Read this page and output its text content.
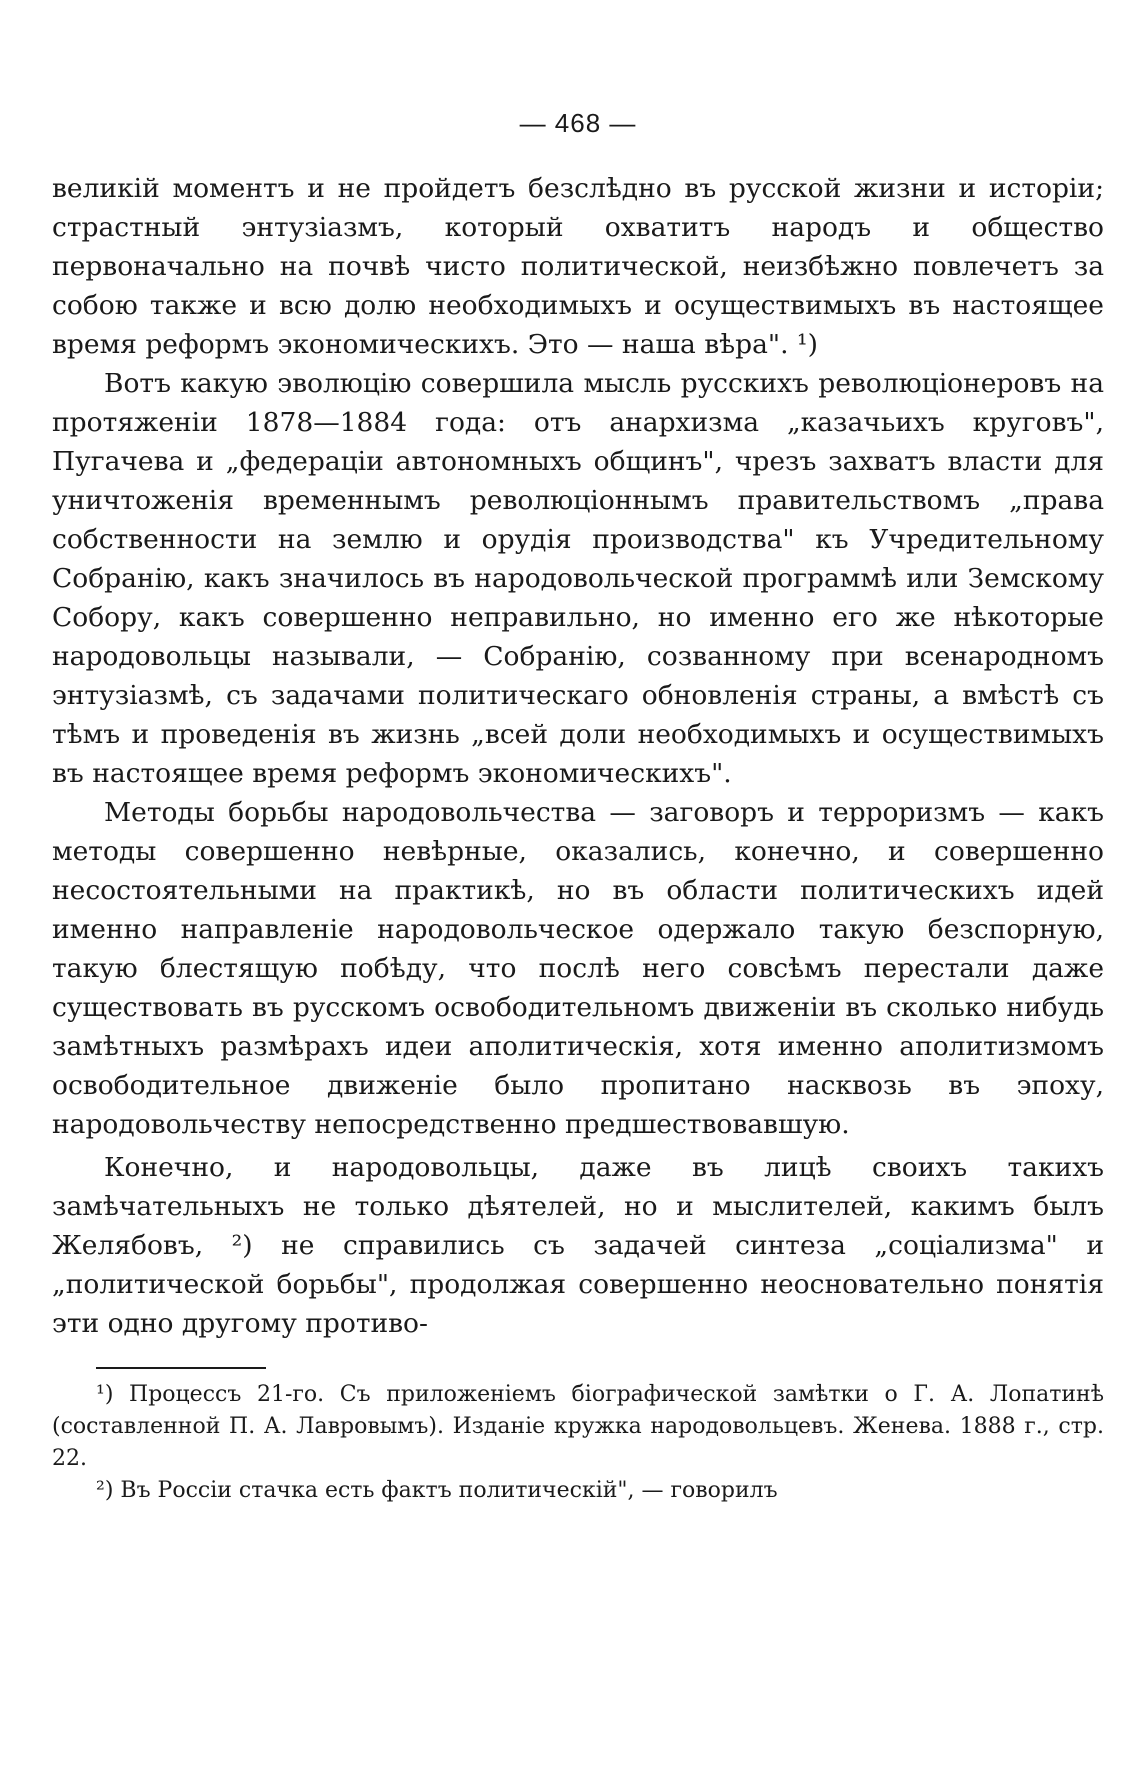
— 468 —

великій моментъ и не пройдетъ безслѣдно въ русской жизни и исторіи; страстный энтузіазмъ, который охватитъ народъ и общество первоначально на почвѣ чисто политической, неизбѣжно повлечетъ за собою также и всю долю необходимыхъ и осуществимыхъ въ настоящее время реформъ экономическихъ. Это — наша вѣра". ¹)

Вотъ какую эволюцію совершила мысль русскихъ революціонеровъ на протяженіи 1878—1884 года: отъ анархизма „казачьихъ круговъ", Пугачева и „федераціи автономныхъ общинъ", чрезъ захватъ власти для уничтоженія временнымъ революціоннымъ правительствомъ „права собственности на землю и орудія производства" къ Учредительному Собранію, какъ значилось въ народовольческой программѣ или Земскому Собору, какъ совершенно неправильно, но именно его же нѣкоторые народовольцы называли, — Собранію, созванному при всенародномъ энтузіазмѣ, съ задачами политическаго обновленія страны, а вмѣстѣ съ тѣмъ и проведенія въ жизнь „всей доли необходимыхъ и осуществимыхъ въ настоящее время реформъ экономическихъ".

Методы борьбы народовольчества — заговоръ и терроризмъ — какъ методы совершенно невѣрные, оказались, конечно, и совершенно несостоятельными на практикѣ, но въ области политическихъ идей именно направленіе народовольческое одержало такую безспорную, такую блестящую побѣду, что послѣ него совсѣмъ перестали даже существовать въ русскомъ освободительномъ движеніи въ сколько нибудь замѣтныхъ размѣрахъ идеи аполитическія, хотя именно аполитизмомъ освободительное движеніе было пропитано насквозь въ эпоху, народовольчеству непосредственно предшествовавшую.

Конечно, и народовольцы, даже въ лицѣ своихъ такихъ замѣчательныхъ не только дѣятелей, но и мыслителей, какимъ былъ Желябовъ, ²) не справились съ задачей синтеза „соціализма" и „политической борьбы", продолжая совершенно неосновательно понятія эти одно другому противо-

¹) Процессъ 21-го. Съ приложеніемъ біографической замѣтки о Г. А. Лопатинѣ (составленной П. А. Лавровымъ). Изданіе кружка народовольцевъ. Женева. 1888 г., стр. 22.

²) Въ Россіи стачка есть фактъ политическій", — говорилъ
